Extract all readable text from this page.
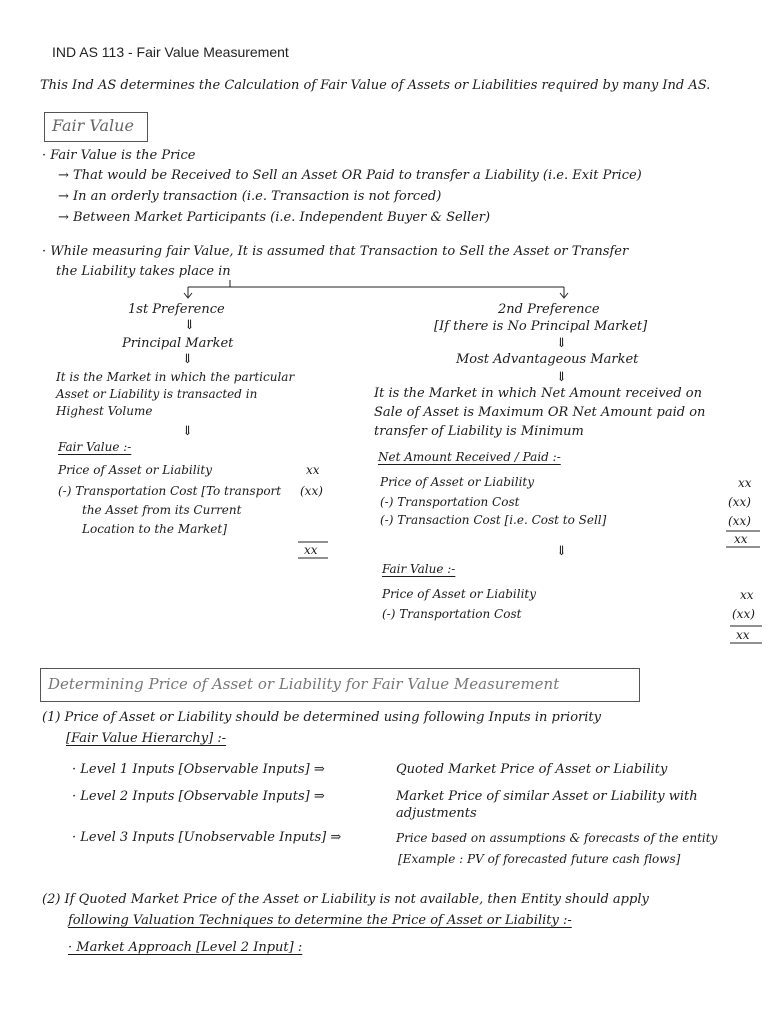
IND AS 113 - Fair Value Measurement
This Ind AS determines the Calculation of Fair Value of Assets or Liabilities required by many Ind AS.
Fair Value
· Fair Value is the Price
→ That would be Received to Sell an Asset OR Paid to transfer a Liability (i.e. Exit Price)
→ In an orderly transaction (i.e. Transaction is not forced)
→ Between Market Participants (i.e. Independent Buyer & Seller)
· While measuring fair Value, It is assumed that Transaction to Sell the Asset or Transfer
the Liability takes place in
1st Preference
⇓
Principal Market
⇓
It is the Market in which the particular
Asset or Liability is transacted in
Highest Volume
⇓
Fair Value :-
Price of Asset or Liability	xx
(-) Transportation Cost [To transport (xx)
the Asset from its Current
Location to the Market]
xx
2nd Preference
[If there is No Principal Market]
⇓
Most Advantageous Market
⇓
It is the Market in which Net Amount received on
Sale of Asset is Maximum OR Net Amount paid on
transfer of Liability is Minimum
Net Amount Received / Paid :-
Price of Asset or Liability	xx
(-) Transportation Cost	(xx)
(-) Transaction Cost [i.e. Cost to Sell]	(xx)
xx
⇓
Fair Value :-
Price of Asset or Liability	xx
(-) Transportation Cost	(xx)
xx
Determining Price of Asset or Liability for Fair Value Measurement
(1) Price of Asset or Liability should be determined using following Inputs in priority
[Fair Value Hierarchy] :-
· Level 1 Inputs [Observable Inputs] ⇒	Quoted Market Price of Asset or Liability
· Level 2 Inputs [Observable Inputs] ⇒	Market Price of similar Asset or Liability with
adjustments
· Level 3 Inputs [Unobservable Inputs] ⇒	Price based on assumptions & forecasts of the entity
[Example : PV of forecasted future cash flows]
(2) If Quoted Market Price of the Asset or Liability is not available, then Entity should apply
following Valuation Techniques to determine the Price of Asset or Liability :-
· Market Approach [Level 2 Input] :
